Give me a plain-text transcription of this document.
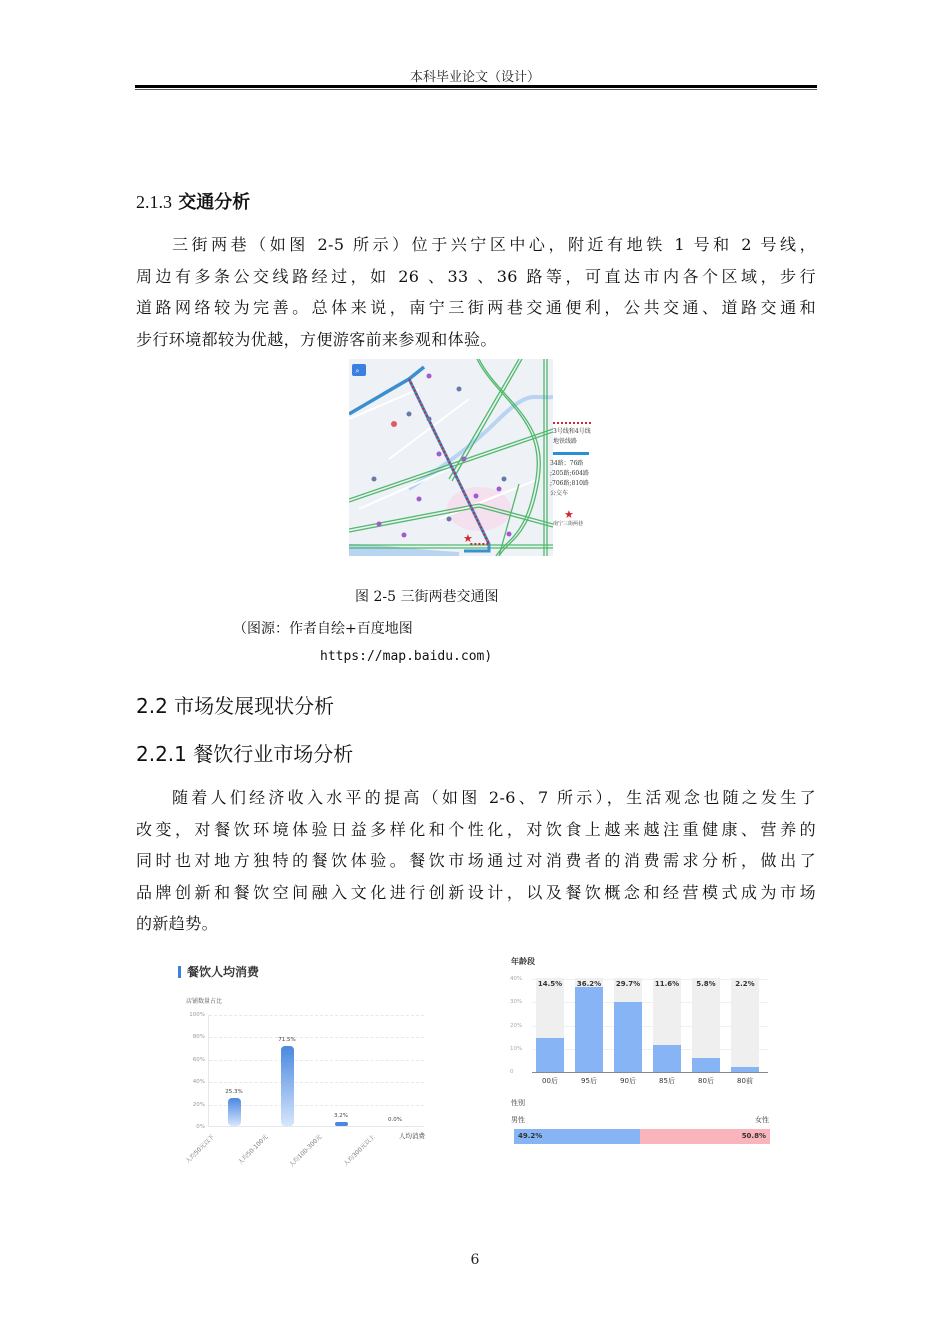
本科毕业论文（设计）
2.1.3 交通分析
三街两巷（如图 2-5 所示）位于兴宁区中心，附近有地铁 1 号和 2 号线，
周边有多条公交线路经过，如 26 、33 、36 路等，可直达市内各个区域，步行
道路网络较为完善。总体来说，南宁三街两巷交通便利，公共交通、道路交通和
步行环境都较为优越，方便游客前来参观和体验。
⌕
★
3号线和4号线
地铁线路
34路；76路
;205路;604路
;706路;810路
公交车
★
南宁三街两巷
图 2-5 三街两巷交通图
（图源：作者自绘+百度地图
https://map.baidu.com)
2.2 市场发展现状分析
2.2.1 餐饮行业市场分析
随着人们经济收入水平的提高（如图 2-6、7 所示），生活观念也随之发生了
改变，对餐饮环境体验日益多样化和个性化，对饮食上越来越注重健康、营养的
同时也对地方独特的餐饮体验。餐饮市场通过对消费者的消费需求分析，做出了
品牌创新和餐饮空间融入文化进行创新设计，以及餐饮概念和经营模式成为市场
的新趋势。
餐饮人均消费
店铺数量占比
100%
80%
60%
40%
20%
0%
25.3%
71.5%
3.2%
0.0%
人均50元以下	人均50-100元	人均100-300元	人均300元以上	人均消费
年龄段
40%
30%
20%
10%
0
14.5%	36.2%	29.7%	11.6%	5.8%	2.2%
00后	95后	90后	85后	80后	80前
性别
男性	女性
49.2%	50.8%
6
